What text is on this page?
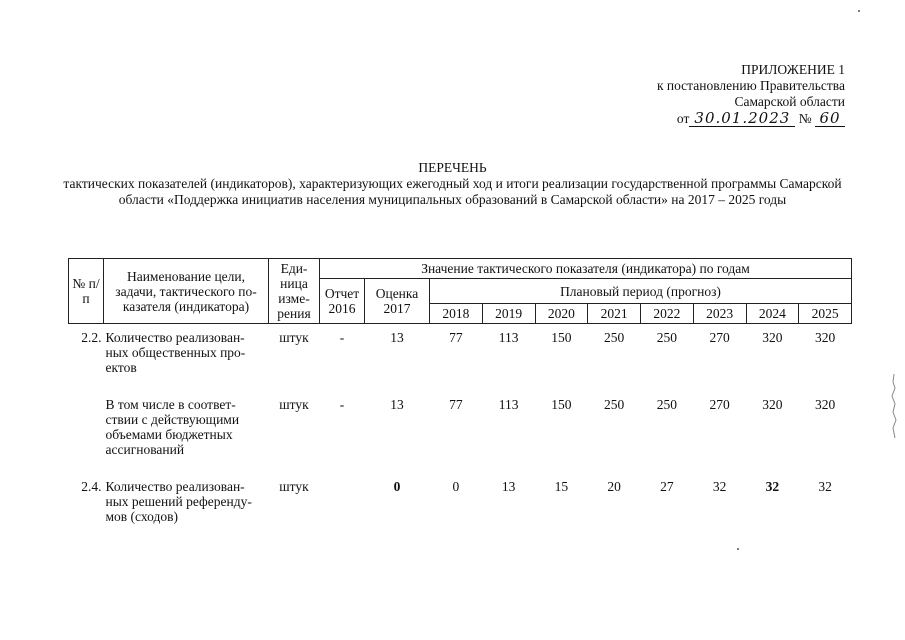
ПРИЛОЖЕНИЕ 1
к постановлению Правительства
Самарской области
от 30.01.2023 № 60
ПЕРЕЧЕНЬ
тактических показателей (индикаторов), характеризующих ежегодный ход и итоги реализации государственной программы Самарской области «Поддержка инициатив населения муниципальных образований в Самарской области» на 2017 – 2025 годы
№ п/п	Наименование цели, задачи, тактического по-казателя (индикатора)	Еди-ница изме-рения	Значение тактического показателя (индикатора) по годам									
			Отчет 2016	Оценка 2017	Плановый период (прогноз)							
					2018	2019	2020	2021	2022	2023	2024	2025
2.2.	Количество реализован-ных общественных про-ектов	штук	-	13	77	113	150	250	250	270	320	320
	В том числе в соответ-ствии с действующими объемами бюджетных ассигнований	штук	-	13	77	113	150	250	250	270	320	320
2.4.	Количество реализован-ных решений референду-мов (сходов)	штук		0	0	13	15	20	27	32	32	32
